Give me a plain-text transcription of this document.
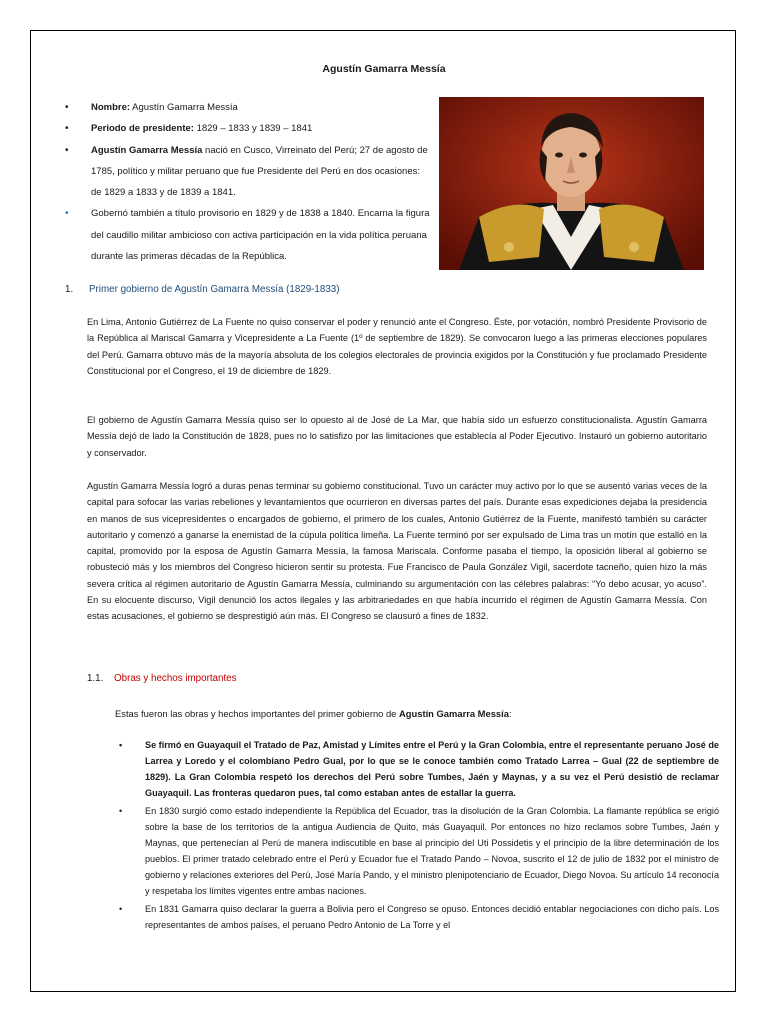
Agustín Gamarra Messía
• Nombre: Agustín Gamarra Messía
• Periodo de presidente: 1829 – 1833 y 1839 – 1841
• Agustín Gamarra Messía nació en Cusco, Virreinato del Perú; 27 de agosto de 1785, político y militar peruano que fue Presidente del Perú en dos ocasiones: de 1829 a 1833 y de 1839 a 1841.
• Gobernó también a título provisorio en 1829 y de 1838 a 1840. Encarna la figura del caudillo militar ambicioso con activa participación en la vida política peruana durante las primeras décadas de la República.
1. Primer gobierno de Agustín Gamarra Messía (1829-1833)

En Lima, Antonio Gutiérrez de La Fuente no quiso conservar el poder y renunció ante el Congreso. Éste, por votación, nombró Presidente Provisorio de la República al Mariscal Gamarra y Vicepresidente a La Fuente (1º de septiembre de 1829). Se convocaron luego a las primeras elecciones populares del Perú. Gamarra obtuvo más de la mayoría absoluta de los colegios electorales de provincia exigidos por la Constitución y fue proclamado Presidente Constitucional por el Congreso, el 19 de diciembre de 1829.

El gobierno de Agustín Gamarra Messía quiso ser lo opuesto al de José de La Mar, que había sido un esfuerzo constitucionalista. Agustín Gamarra Messía dejó de lado la Constitución de 1828, pues no lo satisfizo por las limitaciones que establecía al Poder Ejecutivo. Instauró un gobierno autoritario y conservador.

Agustín Gamarra Messía logró a duras penas terminar su gobierno constitucional. Tuvo un carácter muy activo por lo que se ausentó varias veces de la capital para sofocar las varias rebeliones y levantamientos que ocurrieron en diversas partes del país. Durante esas expediciones dejaba la presidencia en manos de sus vicepresidentes o encargados de gobierno, el primero de los cuales, Antonio Gutiérrez de la Fuente, manifestó también su carácter autoritario y comenzó a ganarse la enemistad de la cúpula política limeña. La Fuente terminó por ser expulsado de Lima tras un motín que estalló en la capital, promovido por la esposa de Agustín Gamarra Messía, la famosa Mariscala. Conforme pasaba el tiempo, la oposición liberal al gobierno se robusteció más y los miembros del Congreso hicieron sentir su protesta. Fue Francisco de Paula González Vigil, sacerdote tacneño, quien hizo la más severa crítica al régimen autoritario de Agustín Gamarra Messía, culminando su argumentación con las célebres palabras: “Yo debo acusar, yo acuso”. En su elocuente discurso, Vigil denunció los actos ilegales y las arbitrariedades en que había incurrido el régimen de Agustín Gamarra Messía. Con estas acusaciones, el gobierno se desprestigió aún más. El Congreso se clausuró a fines de 1832.

1.1. Obras y hechos importantes
Estas fueron las obras y hechos importantes del primer gobierno de Agustín Gamarra Messía:
•	Se firmó en Guayaquil el Tratado de Paz, Amistad y Límites entre el Perú y la Gran Colombia, entre el representante peruano José de Larrea y Loredo y el colombiano Pedro Gual, por lo que se le conoce también como Tratado Larrea – Gual (22 de septiembre de 1829). La Gran Colombia respetó los derechos del Perú sobre Tumbes, Jaén y Maynas, y a su vez el Perú desistió de reclamar Guayaquil. Las fronteras quedaron pues, tal como estaban antes de estallar la guerra.
•	En 1830 surgió como estado independiente la República del Ecuador, tras la disolución de la Gran Colombia. La flamante república se erigió sobre la base de los territorios de la antigua Audiencia de Quito, más Guayaquil. Por entonces no hizo reclamos sobre Tumbes, Jaén y Maynas, que pertenecían al Perú de manera indiscutible en base al principio del Uti Possidetis y el principio de la libre determinación de los pueblos. El primer tratado celebrado entre el Perú y Ecuador fue el Tratado Pando – Novoa, suscrito el 12 de julio de 1832 por el ministro de gobierno y relaciones exteriores del Perú, José María Pando, y el ministro plenipotenciario de Ecuador, Diego Novoa. Su artículo 14 reconocía y respetaba los límites vigentes entre ambas naciones.
•	En 1831 Gamarra quiso declarar la guerra a Bolivia pero el Congreso se opuso. Entonces decidió entablar negociaciones con dicho país. Los representantes de ambos países, el peruano Pedro Antonio de La Torre y el
